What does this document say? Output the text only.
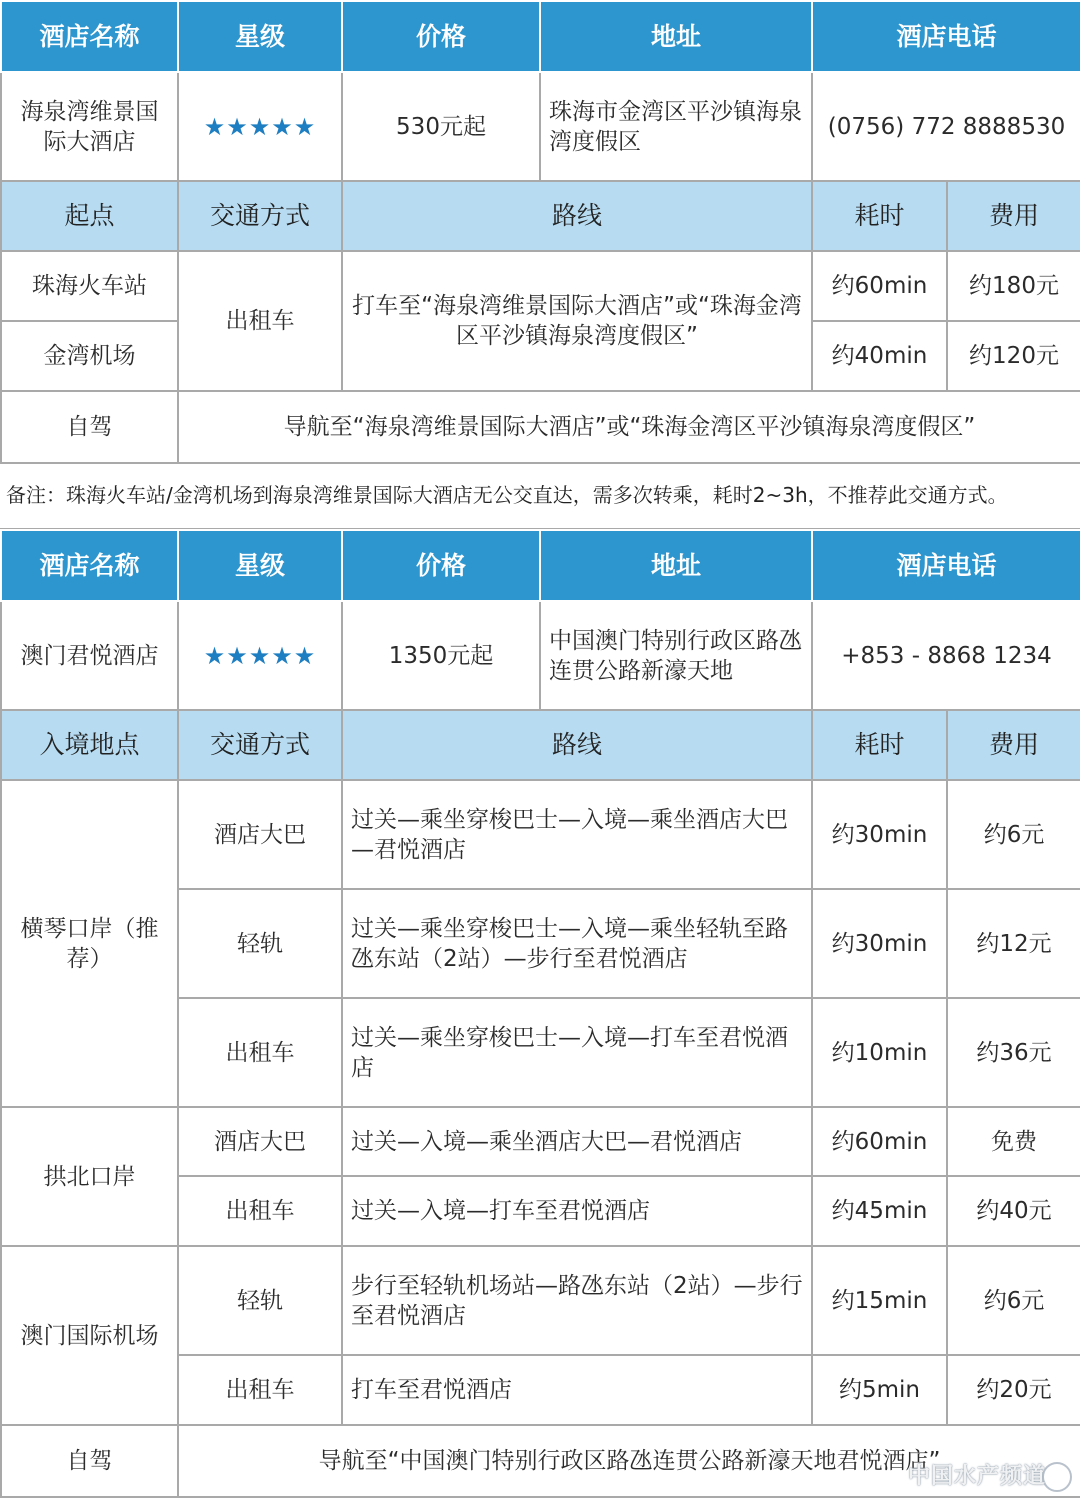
酒店名称	星级	价格	地址	酒店电话	
海泉湾维景国际大酒店	★★★★★	530元起	珠海市金湾区平沙镇海泉湾度假区	(0756) 772 8888530	
起点	交通方式	路线		耗时	费用
珠海火车站	出租车	打车至“海泉湾维景国际大酒店”或“珠海金湾区平沙镇海泉湾度假区”		约60min	约180元
金湾机场				约40min	约120元
自驾	导航至“海泉湾维景国际大酒店”或“珠海金湾区平沙镇海泉湾度假区”				
备注：珠海火车站/金湾机场到海泉湾维景国际大酒店无公交直达，需多次转乘，耗时2~3h，不推荐此交通方式。
酒店名称	星级	价格	地址	酒店电话	
澳门君悦酒店	★★★★★	1350元起	中国澳门特别行政区路氹连贯公路新濠天地	+853 - 8868 1234	
入境地点	交通方式	路线		耗时	费用
横琴口岸（推荐）	酒店大巴	过关—乘坐穿梭巴士—入境—乘坐酒店大巴—君悦酒店		约30min	约6元
	轻轨	过关—乘坐穿梭巴士—入境—乘坐轻轨至路氹东站（2站）—步行至君悦酒店		约30min	约12元
	出租车	过关—乘坐穿梭巴士—入境—打车至君悦酒店		约10min	约36元
拱北口岸	酒店大巴	过关—入境—乘坐酒店大巴—君悦酒店		约60min	免费
	出租车	过关—入境—打车至君悦酒店		约45min	约40元
澳门国际机场	轻轨	步行至轻轨机场站—路氹东站（2站）—步行至君悦酒店		约15min	约6元
	出租车	打车至君悦酒店		约5min	约20元
自驾	导航至“中国澳门特别行政区路氹连贯公路新濠天地君悦酒店”				
中国水产频道
